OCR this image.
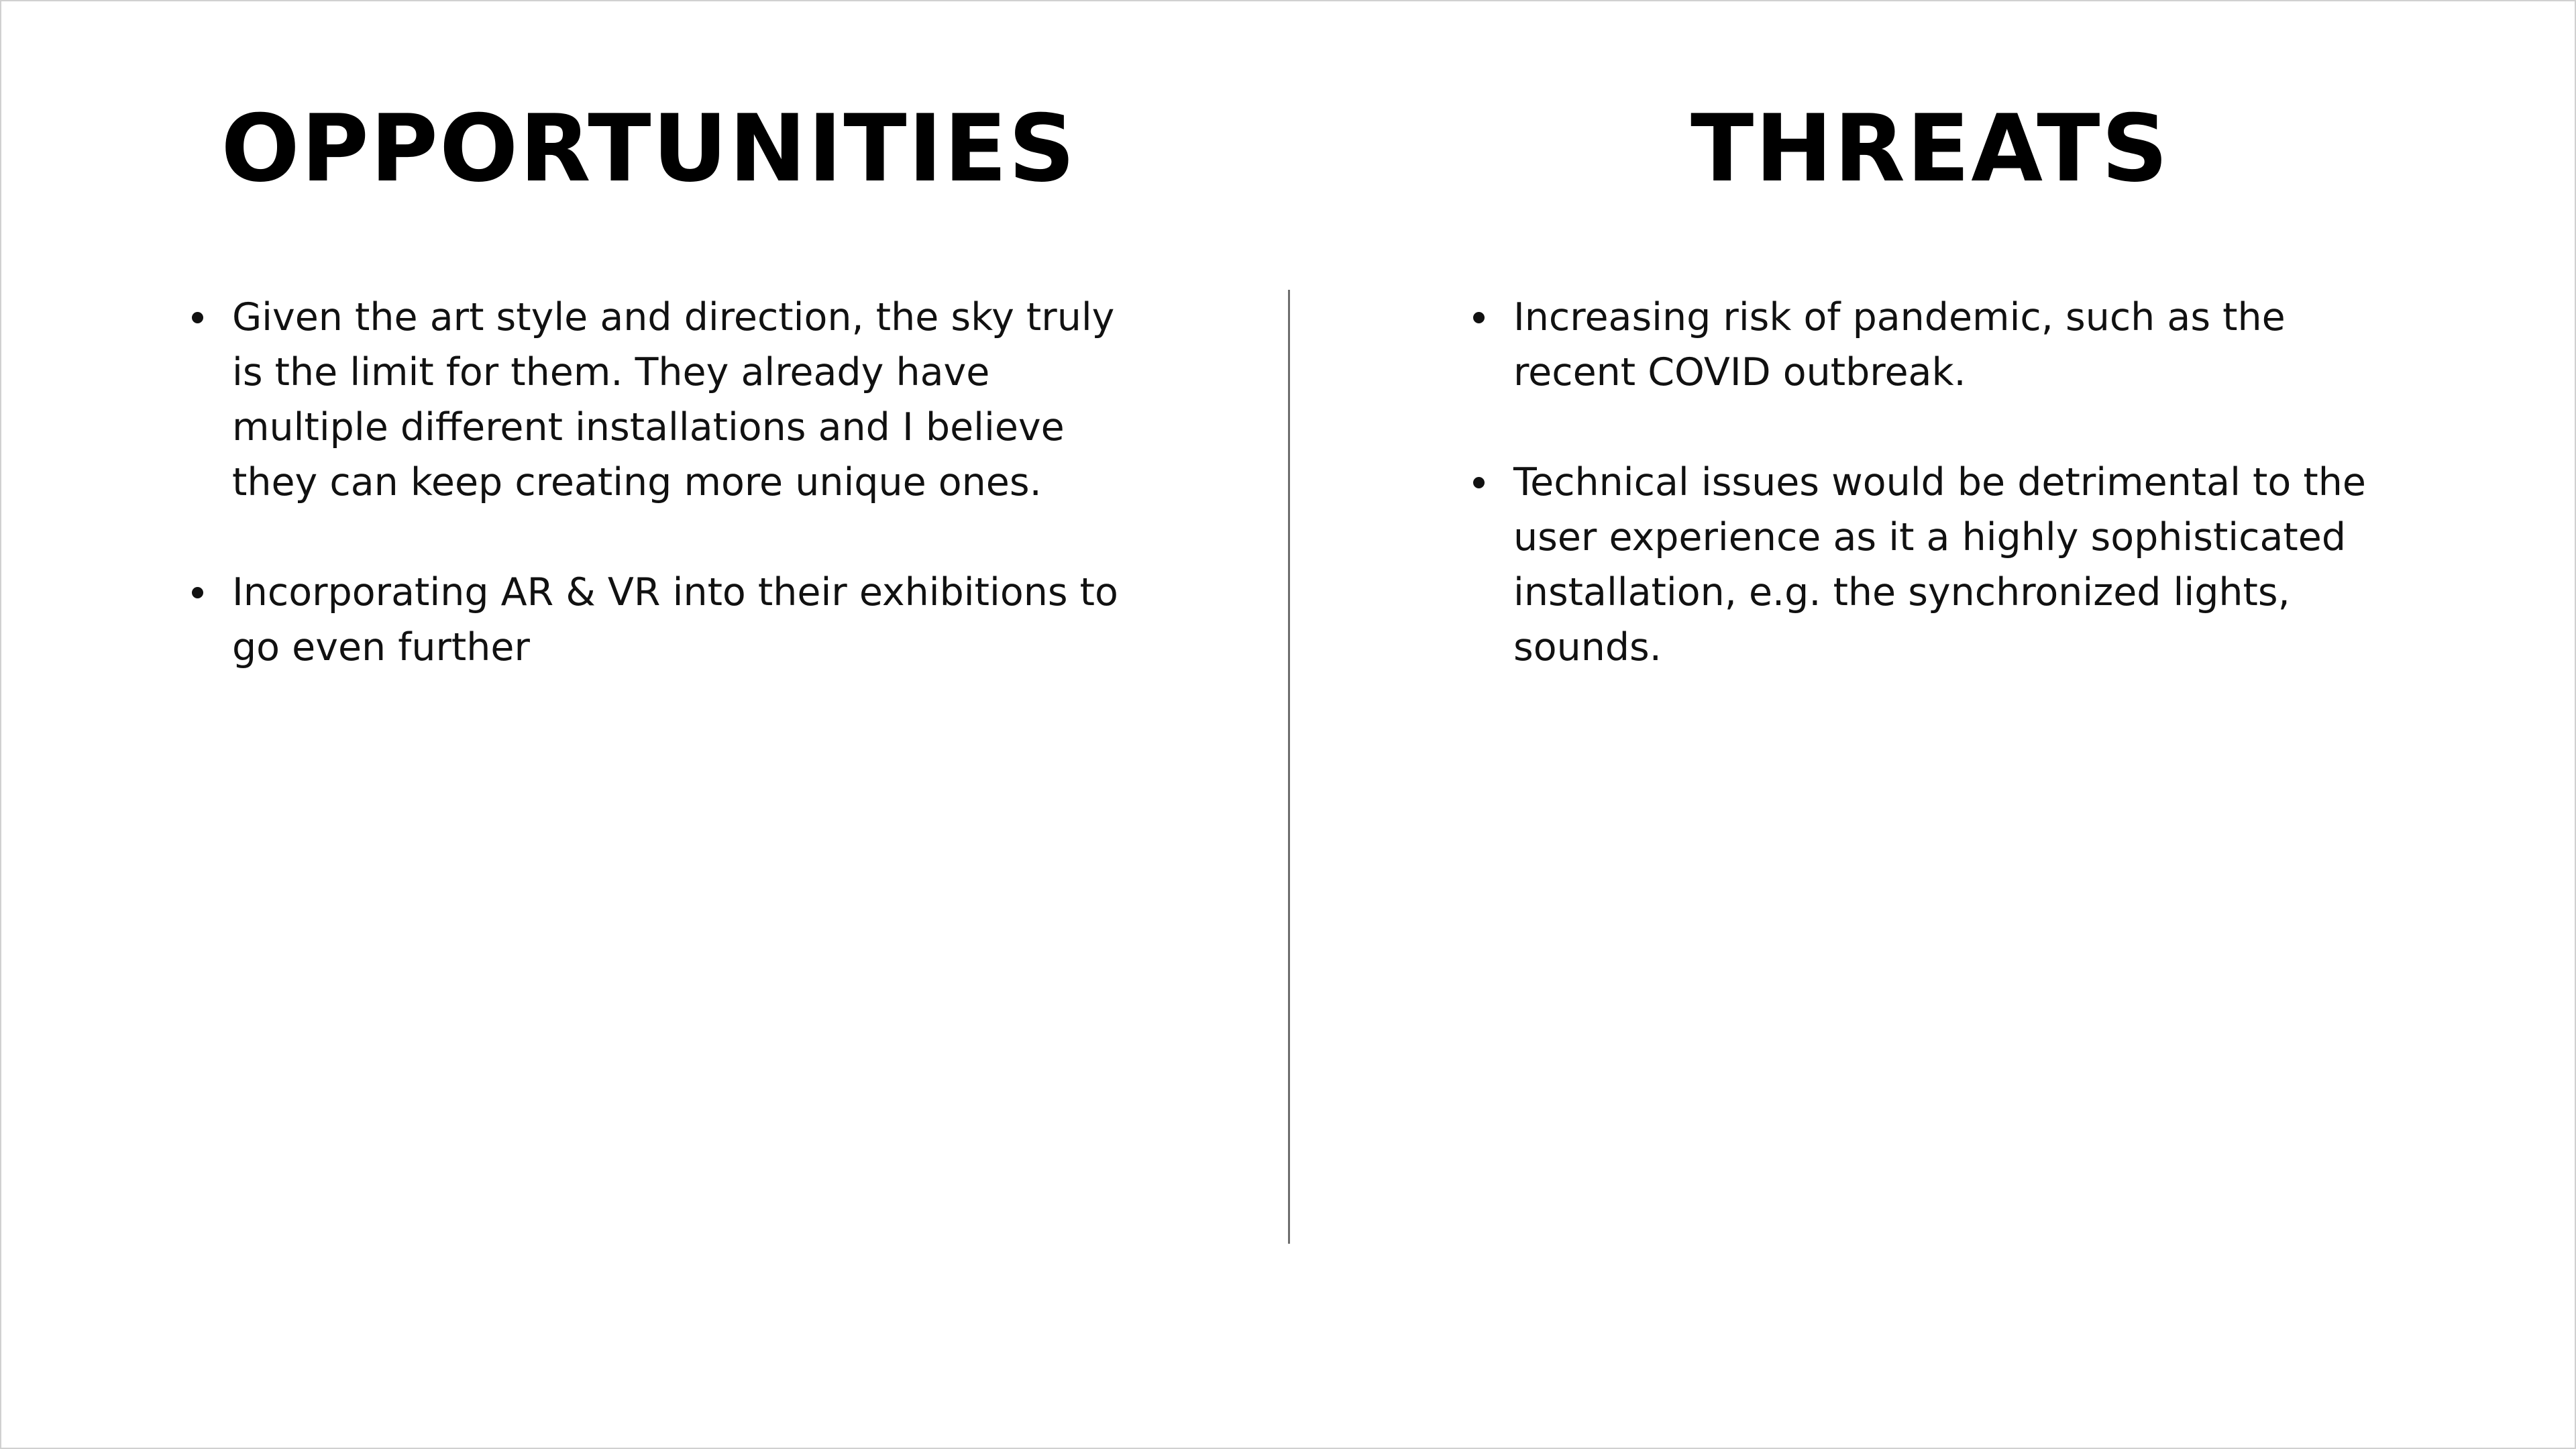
OPPORTUNITIES	THREATS
Given the art style and direction, the sky truly is the limit for them. They already have multiple different installations and I believe they can keep creating more unique ones.
Incorporating AR & VR into their exhibitions to go even further
Increasing risk of pandemic, such as the recent COVID outbreak.
Technical issues would be detrimental to the user experience as it a highly sophisticated installation, e.g. the synchronized lights, sounds.
